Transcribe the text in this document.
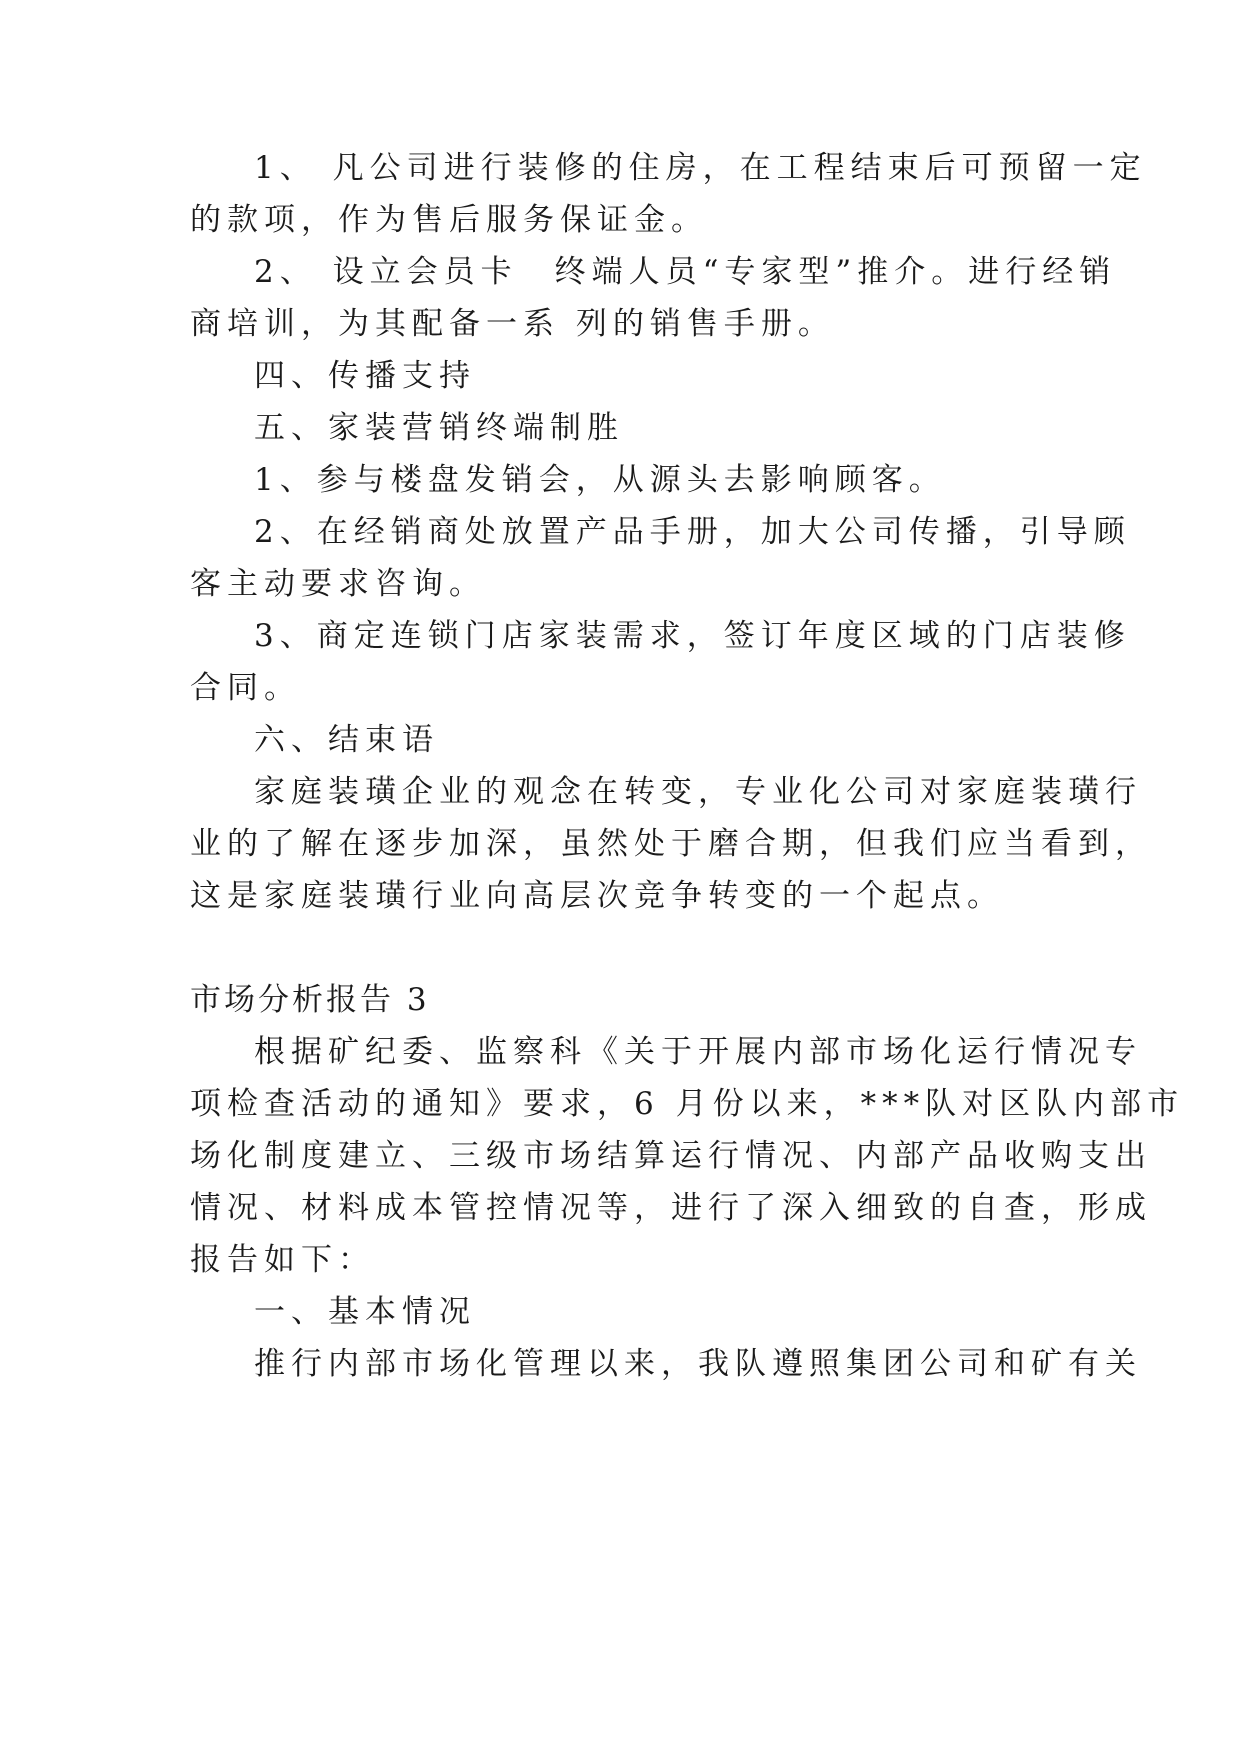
1、 凡公司进行装修的住房，在工程结束后可预留一定
的款项，作为售后服务保证金。
2、 设立会员卡　终端人员“专家型”推介。进行经销
商培训，为其配备一系 列的销售手册。
四、传播支持
五、家装营销终端制胜
1、参与楼盘发销会，从源头去影响顾客。
2、在经销商处放置产品手册，加大公司传播，引导顾
客主动要求咨询。
3、商定连锁门店家装需求，签订年度区域的门店装修
合同。
六、结束语
家庭装璜企业的观念在转变，专业化公司对家庭装璜行
业的了解在逐步加深，虽然处于磨合期，但我们应当看到，
这是家庭装璜行业向高层次竞争转变的一个起点。
市场分析报告 3
根据矿纪委、监察科《关于开展内部市场化运行情况专
项检查活动的通知》要求，6 月份以来，***队对区队内部市
场化制度建立、三级市场结算运行情况、内部产品收购支出
情况、材料成本管控情况等，进行了深入细致的自查，形成
报告如下：
一、基本情况
推行内部市场化管理以来，我队遵照集团公司和矿有关
